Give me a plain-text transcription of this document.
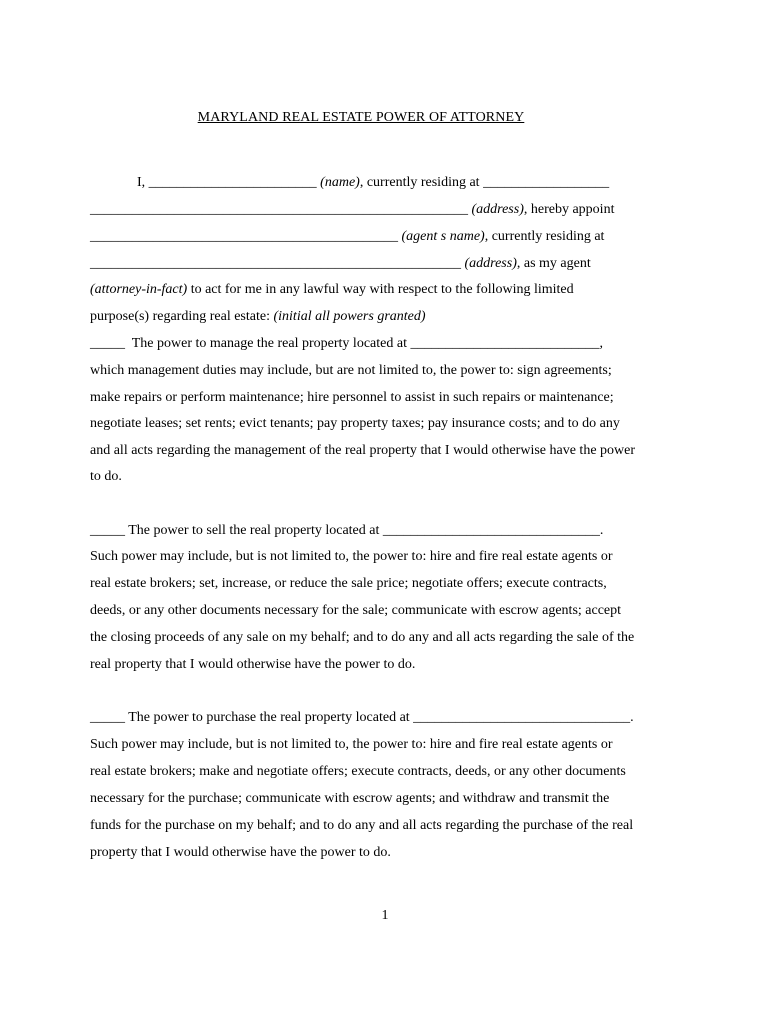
MARYLAND REAL ESTATE POWER OF ATTORNEY
I, ________________________ (name), currently residing at __________________
______________________________________________________ (address), hereby appoint
____________________________________________ (agent s name), currently residing at
_____________________________________________________ (address), as my agent
(attorney-in-fact) to act for me in any lawful way with respect to the following limited
purpose(s) regarding real estate: (initial all powers granted)
_____  The power to manage the real property located at ___________________________,
which management duties may include, but are not limited to, the power to: sign agreements;
make repairs or perform maintenance; hire personnel to assist in such repairs or maintenance;
negotiate leases; set rents; evict tenants; pay property taxes; pay insurance costs; and to do any
and all acts regarding the management of the real property that I would otherwise have the power
to do.
_____ The power to sell the real property located at _______________________________.
Such power may include, but is not limited to, the power to: hire and fire real estate agents or
real estate brokers; set, increase, or reduce the sale price; negotiate offers; execute contracts,
deeds, or any other documents necessary for the sale; communicate with escrow agents; accept
the closing proceeds of any sale on my behalf; and to do any and all acts regarding the sale of the
real property that I would otherwise have the power to do.
_____ The power to purchase the real property located at _______________________________.
Such power may include, but is not limited to, the power to: hire and fire real estate agents or
real estate brokers; make and negotiate offers; execute contracts, deeds, or any other documents
necessary for the purchase; communicate with escrow agents; and withdraw and transmit the
funds for the purchase on my behalf; and to do any and all acts regarding the purchase of the real
property that I would otherwise have the power to do.
1
